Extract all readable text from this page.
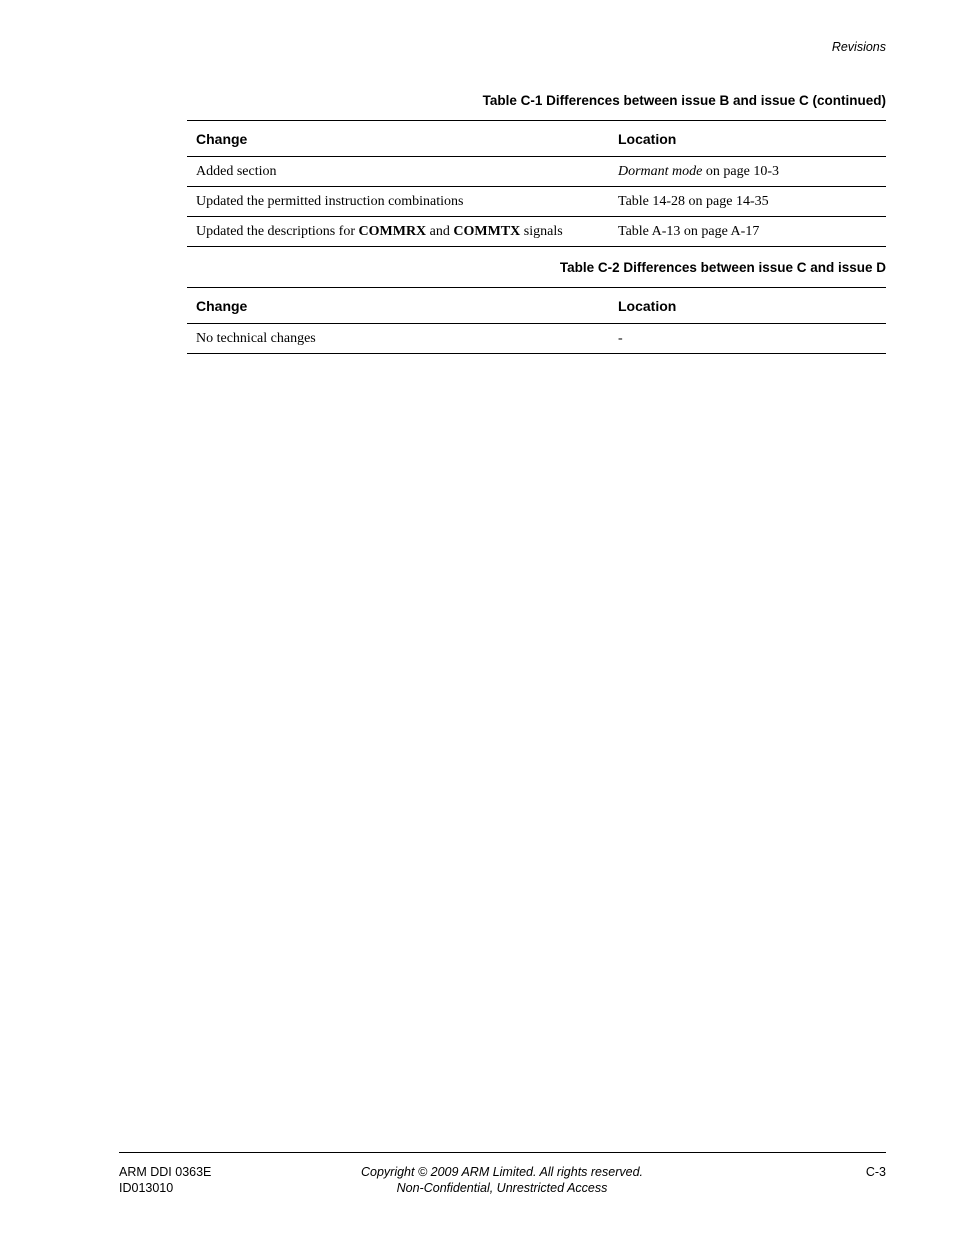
Revisions
Table C-1 Differences between issue B and issue C (continued)
Change	Location
Added section	Dormant mode on page 10-3
Updated the permitted instruction combinations	Table 14-28 on page 14-35
Updated the descriptions for COMMRX and COMMTX signals	Table A-13 on page A-17
Table C-2 Differences between issue C and issue D
Change	Location
No technical changes	-
ARM DDI 0363E
ID013010
Copyright © 2009 ARM Limited. All rights reserved.
Non-Confidential, Unrestricted Access
C-3
